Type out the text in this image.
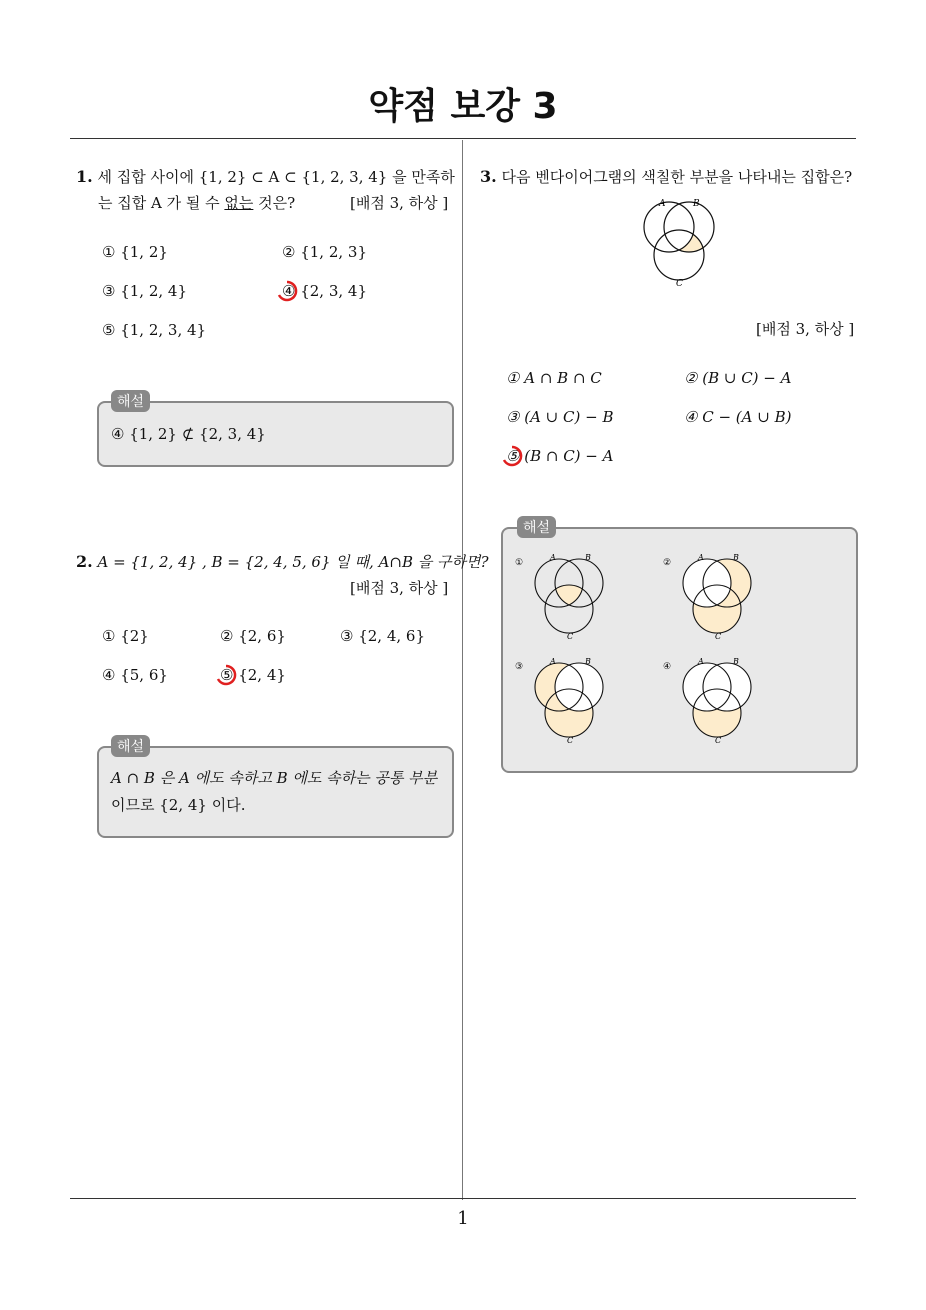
약점 보강 3
1. 세 집합 사이에 {1, 2} ⊂ A ⊂ {1, 2, 3, 4} 을 만족하
는 집합 A 가 될 수 없는 것은?	[배점 3, 하상 ]
① {1, 2}	② {1, 2, 3}
③ {1, 2, 4}	④ {2, 3, 4}
⑤ {1, 2, 3, 4}
해설
④ {1, 2} ⊄ {2, 3, 4}
2. A = {1, 2, 4} , B = {2, 4, 5, 6} 일 때, A∩B 을 구하면?
[배점 3, 하상 ]
① {2}	② {2, 6}	③ {2, 4, 6}
④ {5, 6}	⑤ {2, 4}
해설
A ∩ B 은 A 에도 속하고 B 에도 속하는 공통 부분
이므로 {2, 4} 이다.
3. 다음 벤다이어그램의 색칠한 부분을 나타내는 집합은?
A	B
C
[배점 3, 하상 ]
① A ∩ B ∩ C	② (B ∪ C) − A
③ (A ∪ C) − B	④ C − (A ∪ B)
⑤ (B ∩ C) − A
해설
①
A	B
C
②
A	B
C
③
A	B
C
④
A	B
C
1
